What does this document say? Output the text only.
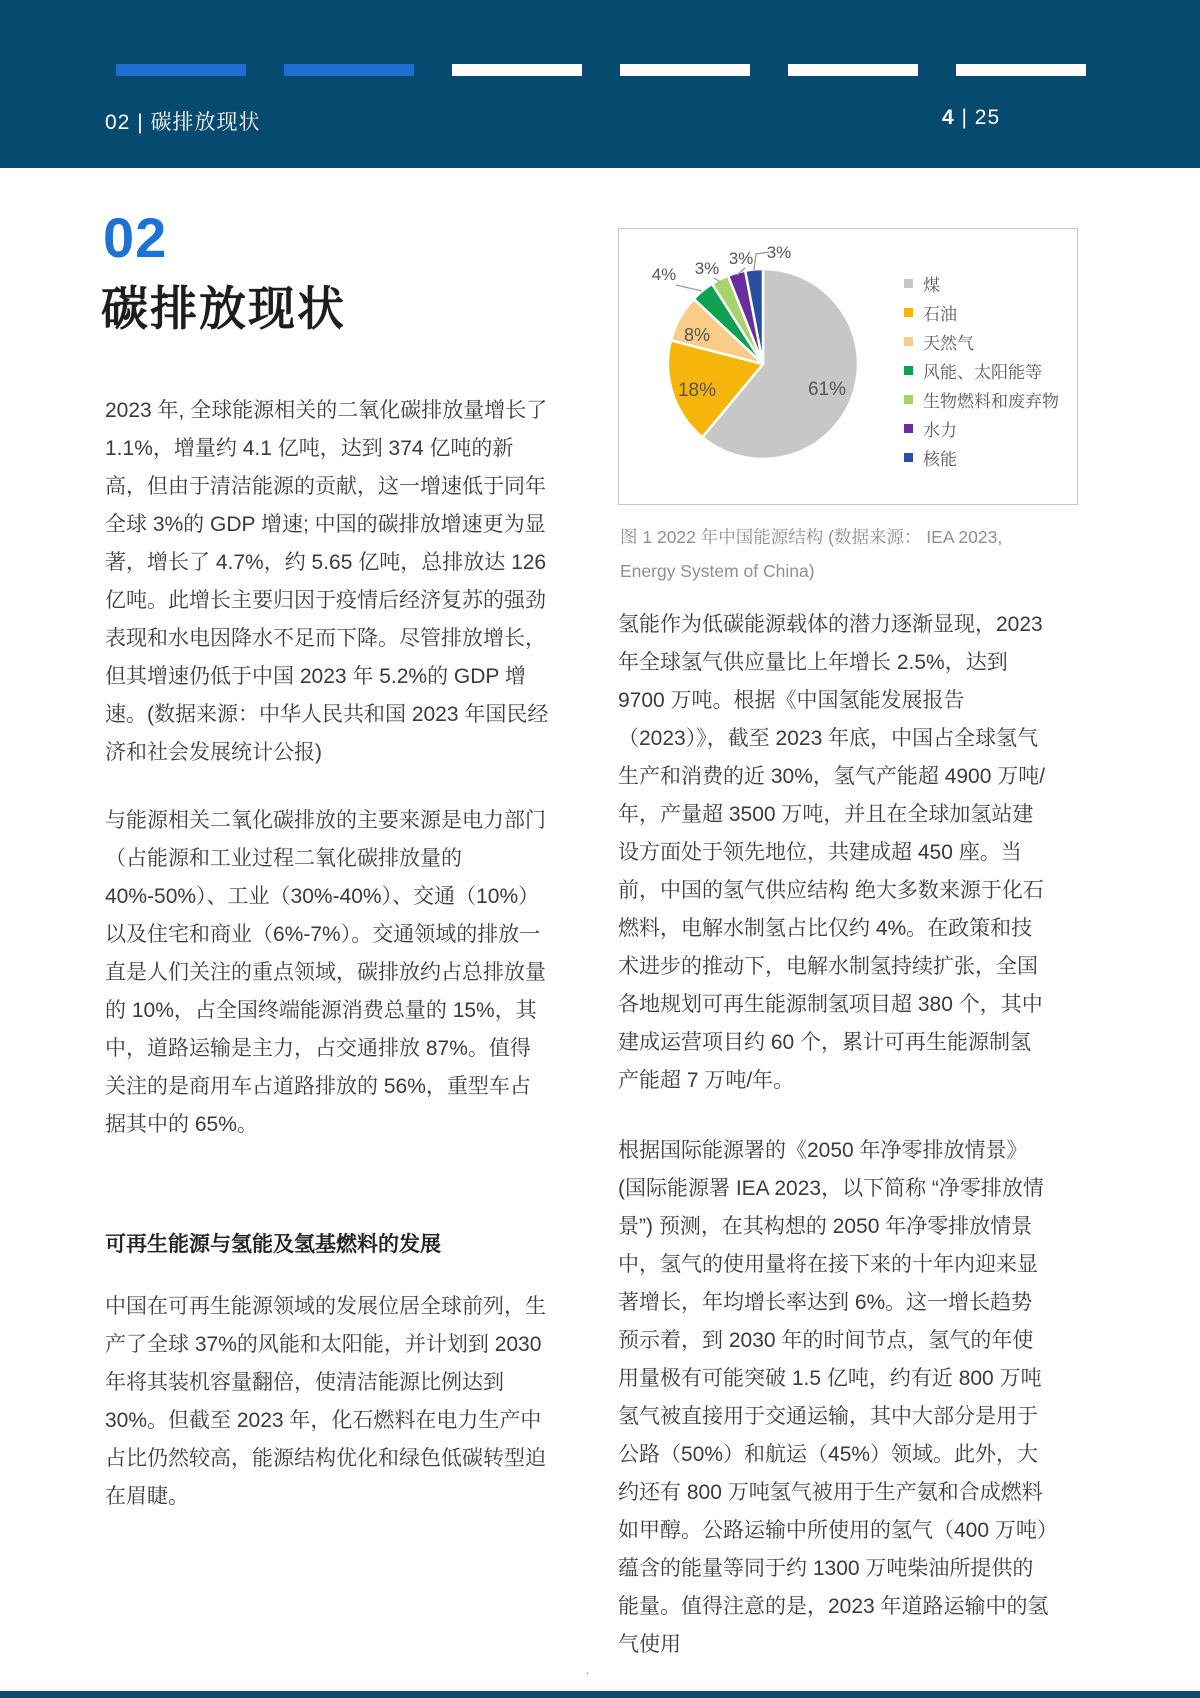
02 | 碳排放现状	4 | 25
02
碳排放现状
2023 年, 全球能源相关的二氧化碳排放量增长了 1.1%，增量约 4.1 亿吨，达到 374 亿吨的新高，但由于清洁能源的贡献，这一增速低于同年全球 3%的 GDP 增速; 中国的碳排放增速更为显著，增长了 4.7%，约 5.65 亿吨，总排放达 126 亿吨。此增长主要归因于疫情后经济复苏的强劲表现和水电因降水不足而下降。尽管排放增长，但其增速仍低于中国 2023 年 5.2%的 GDP 增速。(数据来源：中华人民共和国 2023 年国民经济和社会发展统计公报)
与能源相关二氧化碳排放的主要来源是电力部门（占能源和工业过程二氧化碳排放量的 40%-50%）、工业（30%-40%）、交通（10%）以及住宅和商业（6%-7%）。交通领域的排放一直是人们关注的重点领域，碳排放约占总排放量的 10%，占全国终端能源消费总量的 15%，其中，道路运输是主力，占交通排放 87%。值得关注的是商用车占道路排放的 56%，重型车占据其中的 65%。
可再生能源与氢能及氢基燃料的发展
中国在可再生能源领域的发展位居全球前列，生产了全球 37%的风能和太阳能，并计划到 2030 年将其装机容量翻倍，使清洁能源比例达到 30%。但截至 2023 年，化石燃料在电力生产中占比仍然较高，能源结构优化和绿色低碳转型迫在眉睫。
61%
18%
8%
4% 3%
3% 3%
煤
石油
天然气
风能、太阳能等
生物燃料和废弃物
水力
核能
图 1 2022 年中国能源结构 (数据来源： IEA 2023, Energy System of China)
氢能作为低碳能源载体的潜力逐渐显现，2023 年全球氢气供应量比上年增长 2.5%，达到 9700 万吨。根据《中国氢能发展报告（2023）》，截至 2023 年底，中国占全球氢气生产和消费的近 30%，氢气产能超 4900 万吨/年，产量超 3500 万吨，并且在全球加氢站建设方面处于领先地位，共建成超 450 座。当前，中国的氢气供应结构 绝大多数来源于化石燃料，电解水制氢占比仅约 4%。在政策和技术进步的推动下，电解水制氢持续扩张，全国各地规划可再生能源制氢项目超 380 个，其中建成运营项目约 60 个，累计可再生能源制氢产能超 7 万吨/年。
根据国际能源署的《2050 年净零排放情景》(国际能源署 IEA 2023，以下简称 “净零排放情景”) 预测，在其构想的 2050 年净零排放情景中，氢气的使用量将在接下来的十年内迎来显著增长，年均增长率达到 6%。这一增长趋势预示着，到 2030 年的时间节点，氢气的年使用量极有可能突破 1.5 亿吨，约有近 800 万吨氢气被直接用于交通运输，其中大部分是用于公路（50%）和航运（45%）领域。此外，大约还有 800 万吨氢气被用于生产氨和合成燃料如甲醇。公路运输中所使用的氢气（400 万吨）蕴含的能量等同于约 1300 万吨柴油所提供的能量。值得注意的是，2023 年道路运输中的氢气使用
·
